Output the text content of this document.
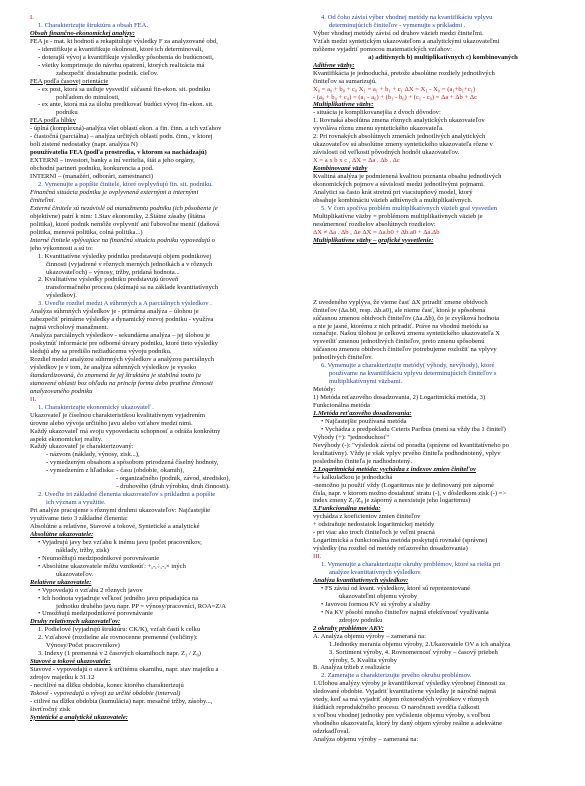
I.
1. Charakterizujte štruktúru a obsah FEA.
Obsah finančno-ekonomickej analýzy:
FEA je - mat. kt hodnotí a rekapituluje výsledky F za analyzované obd,
- identifikuje a kvantifikuje okolnosti, ktoré ich determinovali,
- doterajší vývoj a kvantifikuje výsledky pôsobenia do budúcnosti,
- všetky komprimuje do návrhu opatrení, ktorých realizácia má
zabezpečiť dosiahnutie podnik. cieľov.
FEA podľa časovej orientácie
- ex post, ktorá sa usiluje vysvetliť súčasnú fin-ekon. sit. podniku
pohľadom do minulosti,
- ex ante, ktorá má za úlohu predikovať budúci vývoj fin-ekon. sit.
podniku
FEA podľa hĺbky
- úplná (komplexná)-analýza všet oblastí ekon. a fin. činn. a ich vzťahov
- čiastočná (parciálna) – analýza určitých oblastí podn. činn., v ktorej
boli zistené nedostatky (napr. analýza N)
pouužívatelia FEA (podľa prostredia, v ktorom sa nachádzajú)
EXTERNÍ – investori, banky a iní veritelia, štát a jeho orgány,
obchodní partneri podniku, konkurencia a pod.
INTERNÍ – (manažéri, odborári, zamestnanci)
2. Vymenujte a popíšte činitele, ktoré ovplyvňujú fin. sit. podniku.
Finančná situácia podniku je ovplyvnená externými a internými
činiteľmi.
Externé činitele sú nezávislé od manažmentu podniku (ich pôsobenie je
objektívne) patrí k nim: 1.Stav ekonomiky, 2.Štátne zásahy (štátna
politika), ktoré podnik nemôže ovplyvniť ani ľubovoľne meniť (daňová
politika, menová politika, colná politika...)
Interné činitele vplývajúce na finančnú situáciu podniku vypovedajú o
jeho výkonnosti a sú to:
1. Kvantitatívne výsledky podniku predstavujú objem podnikovej
činnosti (vyjadrené v rôznych merných jednotkách a v rôznych
ukazovateľoch) – výnosy, tržby, pridaná hodnota...
2. Kvalitatívne výsledky podniku predstavujú úroveň
transformačného procesu (skúmajú sa na základe kvantitatívnych
výsledkov).
3. Uveďte rozdiel medzi A súhrnných a A parciálnych výsledkov .
Analýza súhrnných výsledkov je - primárna analýza – úlohou je
zabezpečiť primárne výsledky a dynamický rozvoj podniku - využíva
najmä vrcholový manažment.
Analýza parciálnych výsledkov - sekundárna analýza – jej úlohou je
poskytnúť informácie pre odborné útvary podniku, ktoré tieto výsledky
sledujú aby sa predišlo nežiadúcemu vývoju podniku.
Rozdiel medzi analýzou súhrnných výsledkov a analýzou parciálnych
výsledkov je v tom, že analýza súhrnných výsledkov je vysoko
štandardizovaná, čo znamená že jej štruktúra je stabilná touto ju
stanovené oblasti boz ohľadu na princíp formu debo prathne činnosti
analyzovaného podniku
II.
1. Charakterizujte ekonomický ukazovateľ .
Ukazovateľ je číselnou charakteristikou kvalitatívnym vyjadrením
úrovne alebo vývoja určitého javu alebo vzťahov medzi nimi.
Každý ukazovateľ má svoju vypovedaciu schopnosť a odráža konkrétny
aspekt ekonomickej reality.
Každý ukazovateľ je charakterizovaný:
- názvom (náklady, výnosy, zisk...),
- vymedzeným obsahom a spôsobom prirodzená číselný hodnoty,
- vymedzením z hľadiska: - času (obdobie, okamih),
- organizačného (podnik, závod, stredisko),
- druhového (druh výrobku, druh činnosti).
2. Uveďte tri základné členenia ukazovateľov s príkladmi a popíšte
ich význam a využitie.
Pri analýze pracujeme s rôznymi druhmi ukazovateľov: Najčastejšie
využívame tieto 3 základné členenia:
Absolútne a relatívne, Stavové a tokové, Syntetické a analytické
Absolútne ukazovatele:
• Vyjadrujú javy bez vzťahu k inému javu (počet pracovníkov,
náklady, tržby, zisk)
• Neumožňujú medzipodnikové porovnávanie
• Absolútne ukazovatele môžu vznikнúť: +,-,÷,-,× iných
ukazovateľov.
Relatívne ukazovatele:
• Vypovedajú o vzťahu 2 rôznych javov
• Ich hodnota vyjadruje veľkosť jedného javu pripadajúca na
jednotku druhého javu napr. PP = výnosy/pracovníci, ROA=Z/A
• Umožňujú medzipodnikové porovnávanie
Druhy relatívnych ukazovateľov:
1. Podielové (vyjadrujú štruktúru: CK/K), vzťah častí k celku
2. Vzťahové (rozdielne ale rovnocenne premenné (veličiny):
Výnosy/Počet pracovníkov)
3. Indexy (1 premenná v 2 časových okamihoch napr. Z₁ / Z₀)
Stavové a tokové ukazovatele:
Stavové - vypovedajú o stave k určitému okamihu, napr. stav majetku a
zdrojov majetku k 31.12
- necitlivé na dĺžku obdobia, konec ktorého charakterizujú
Tokové - vypovedajú o vývoji za určité obdobie (interval)
- citlivé na dĺžku obdobia (kumulácia) napr. mesačné tržby, zásoby...,
štvrťročný zisk
Syntetické a analytické ukazovatele:
4. Od čoho závisí výber vhodnej metódy na kvantifikáciu vplyvu
determinujúcich činiteľov - vymenujte s príkladmi .
Výber vhodnej metódy závisí od druhov väzieb medzi činiteľmi.
Vzťah medzi syntetickým ukazovateľom a analytickými ukazovateľmi
môžeme vyjadriť pomocou matematických vzťahov:
a) aditívnych b) multiplikatívnych c) kombinovaných
Aditívne väzby:
Kvantifikácia je jednoduchá, pretože absolútne rozdiely jednotlivých
činiteľov sa sumarizujú.
X₀ = a₀ + b₀ + c₀ X₁ = a₁ + b₁ + c₁ ΔX = X₁ - X₀ = (a₁+b₁+c₁)
- (a₀ + b₀ + c₀) = (a₁ - a₀) + (b₁ - b₀) + (c₁ - c₀) = Δa + Δb + Δc
Multiplikatívne väzby:
- situácia je komplikovanejšia z dvoch dôvodov:
1. Rovnaká absolútna zmena rôznych analytických ukazovateľov
vyvoláva rôznu zmenu syntetického ukazovateľa.
2. Pri rovnakých absolútnych zmenách jednotlivých analytických
ukazovateľov sú absolútne zmeny syntetického ukazovateľa rôzne v
závislosti od veľkosti pôvodných hodnôt ukazovateľov.
X = a x b x c , ΔX = Δa . Δb . Δc
Kombinované väzby
Kvalitná analýza je podmienená kvalitou poznania obsahu jednotlivých
ekonomických pojmov a súvislostí medzi jednotlivými pojmami.
Analytici sa často krát stretnú pri viacstupňový model, ktorý
obsahuje kombináciu väzieb aditívnych a multiplikatívnych.
5. V čom spočíva problém multiplikatívnych väzieb graf vysvetlen
Multiplikatívne väzby = problémom multiplikatívnych väzieb je
nesúmernosť rozdielov absolútnych rozdielov:
ΔX ≠ Δa . Δb , Δe ΔX = Δa.b0 + Δb.a0 + Δa.Δb
Multiplikatívne väzby – grafické vysvetlenie:
Z uvedeného vyplýva, že vieme časť ΔX priradiť zmene obidvoch
činiteľov (Δa.b0, resp. Δb.a0), ale nieme časť, ktorá je spôsobená
súčasnou zmenou obidvoch činiteľov (Δa.Δb), čo je zvyšková hodnota
a nie je jasné, ktorému z nich priradiť. Práve na vhodnú metódu sa
označuje. Našou úlohou je celkovú zmenu syntetického ukazovateľa X
vysvetliť zmenou jednotlivých činiteľov, preto zmenu spôsobenú
súčasnou zmenou obidvoch činiteľov potrebujeme rozložiť na vplyvy
jednotlivých činiteľov.
6. Vymenujte a charakterizujte metódy( výhody, nevýhody), ktoré
používame na kvantifikáciu vplyvu determinujúcich činiteľov s
multiplikatívnymi väzbami.
Metódy:
1) Metóda reťazového dosadzovania, 2) Logaritmická metóda, 3)
Funkcionálna metóda
1.Metóda reťazového dosadzovania:
• Najčastejšie používaná metóda
• Vychádza z predpokladu Ceteris Paribus (mení sa vždy iba 1 činiteľ)
Výhody (+): "jednoduchosť"
Nevýhody (-): "výsledok závisí od poradia (správne od kvantitatívneho po
kvalitatívny). Vždy je však vplyv prvého činiteľa podhodnotený, vplyv
posledného činiteľa je nadhodnotený.
2.Logaritmická metóda: vychádza z indexov zmien činiteľov
+» kalkulačkou je jednoduchá
-nemožno ju použiť vždy (Logaritmus nie je definovaný pre záporné
čísla, napr. v ktorom možno dosiahnuť stratu (-), v dôsledkom zisk (-) =>
index zmeny Z₁/Z₀ je záporný a neexistuje jeho logaritmus)
3.Funkcionálna metóda:
vychádza z koeficientov zmien činiteľov
+ odstraňuje nedostatok logaritmickej metódy
- pri viac ako troch činiteľoch je veľmi pracná
Logaritmická a funkcionálna metóda poskytujú rovnaké (správne)
výsledky (na rozdiel od metódy reťazového dosadzovania)
III.
1. Vymenujte a charakterizujte okruhy problémov, ktoré sa riešia pri
analýze kvantitatívnych výsledkov.
Analýza kvantitatívnych výsledkov:
• FS závisí od kvant. výsledkov, ktoré sú reprezentované
ukazovateľmi objemu výroby
• Javovou formou KV sú výroby a služby
• Na KV pôsobí mnoho činiteľov najmä efektívnosť využívania
zdrojov podniku
2 okruhy problémov AKV:
A. Analýza objemu výroby – zameraná na:
1.Jednotky merania objemu výroby, 2.Ukazovatele OV a ich analýza
3. Sortiment výroby, 4. Rovnomernosť výroby – časový priebeh
výroby, 5. Kvalita výroby
B. Analýza tržieb z realizácie
2. Zamerajte a charakterizujte prvého okruhu problémov.
1.Úlohou analýzy výroby je kvantifikovať výsledky výrobnej činnosti za
sledované obdobie. Vyjadriť kvantitatívne výsledky je náročné najmä
vtedy, keď sa má vyjadriť objem rôznorodých výrobkov v rôznych
štádiách reprodukčného procesu. O naročnosti svedčia ťažkosti
s voľbou vhodnej jednotky pre vyčíslenie objemu výroby, s voľbou
vhodného ukazovateľa, ktorý by daný objem výroby reálne a adekvátne
odzrkadľoval.
Analýza objemu výroby – zameraná na:
